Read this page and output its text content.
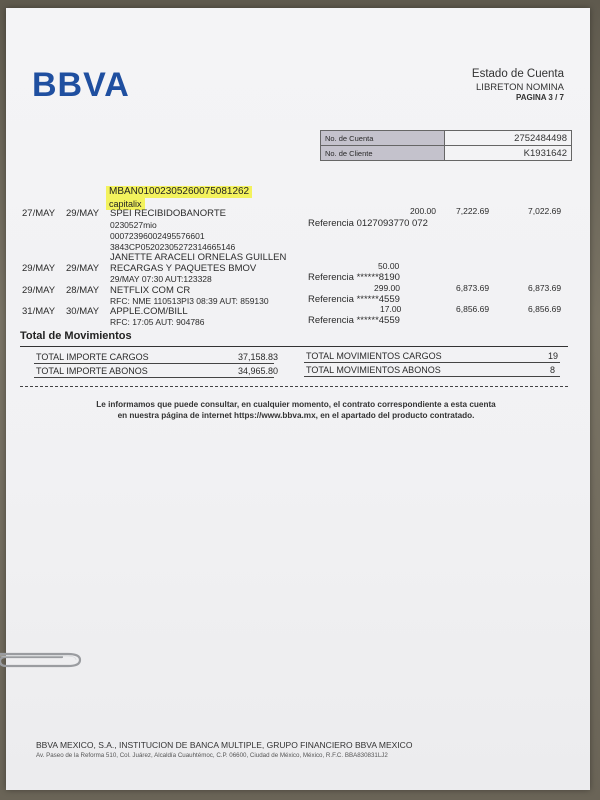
BBVA	Estado de Cuenta
LIBRETON NOMINA
PAGINA 3 / 7
No. de Cuenta	2752484498
No. de Cliente	K1931642
MBAN01002305260075081262
capitalix
27/MAY 29/MAY SPEI RECIBIDOBANORTE	200.00 7,222.69	7,022.69
0230527mio	Referencia 0127093770 072
00072396002495576601
3843CP05202305272314665146
JANETTE ARACELI ORNELAS GUILLEN
29/MAY 29/MAY RECARGAS Y PAQUETES BMOV	50.00
29/MAY 07:30 AUT:123328	Referencia ******8190
29/MAY 28/MAY NETFLIX COM CR	299.00	6,873.69	6,873.69
RFC: NME 110513PI3 08:39 AUT: 859130	Referencia ******4559
31/MAY 30/MAY APPLE.COM/BILL	17.00	6,856.69	6,856.69
RFC: 17:05 AUT: 904786	Referencia ******4559
Total de Movimientos
TOTAL IMPORTE CARGOS	37,158.83	TOTAL MOVIMIENTOS CARGOS	19
TOTAL IMPORTE ABONOS	34,965.80	TOTAL MOVIMIENTOS ABONOS	8
Le informamos que puede consultar, en cualquier momento, el contrato correspondiente a esta cuenta
en nuestra página de internet https://www.bbva.mx, en el apartado del producto contratado.
BBVA MEXICO, S.A., INSTITUCION DE BANCA MULTIPLE, GRUPO FINANCIERO BBVA MEXICO
Av. Paseo de la Reforma 510, Col. Juárez, Alcaldía Cuauhtémoc, C.P. 06600, Ciudad de México, México, R.F.C. BBA830831LJ2
